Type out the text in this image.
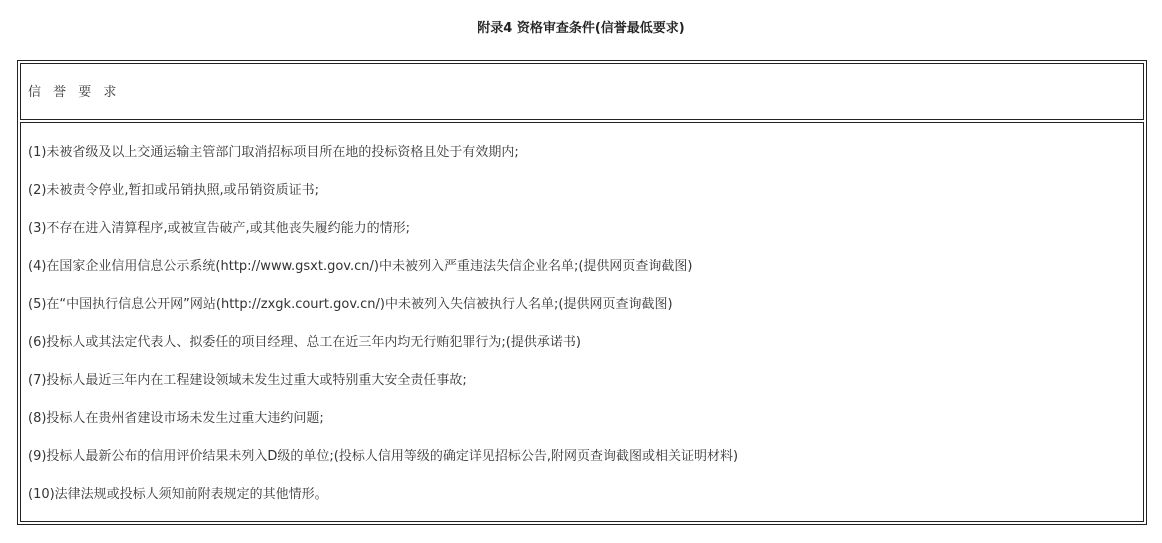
附录4 资格审查条件(信誉最低要求)
信 誉 要 求
(1)未被省级及以上交通运输主管部门取消招标项目所在地的投标资格且处于有效期内;
(2)未被责令停业,暂扣或吊销执照,或吊销资质证书;
(3)不存在进入清算程序,或被宣告破产,或其他丧失履约能力的情形;
(4)在国家企业信用信息公示系统(http://www.gsxt.gov.cn/)中未被列入严重违法失信企业名单;(提供网页查询截图)
(5)在“中国执行信息公开网”网站(http://zxgk.court.gov.cn/)中未被列入失信被执行人名单;(提供网页查询截图)
(6)投标人或其法定代表人、拟委任的项目经理、总工在近三年内均无行贿犯罪行为;(提供承诺书)
(7)投标人最近三年内在工程建设领域未发生过重大或特别重大安全责任事故;
(8)投标人在贵州省建设市场未发生过重大违约问题;
(9)投标人最新公布的信用评价结果未列入D级的单位;(投标人信用等级的确定详见招标公告,附网页查询截图或相关证明材料)
(10)法律法规或投标人须知前附表规定的其他情形。
